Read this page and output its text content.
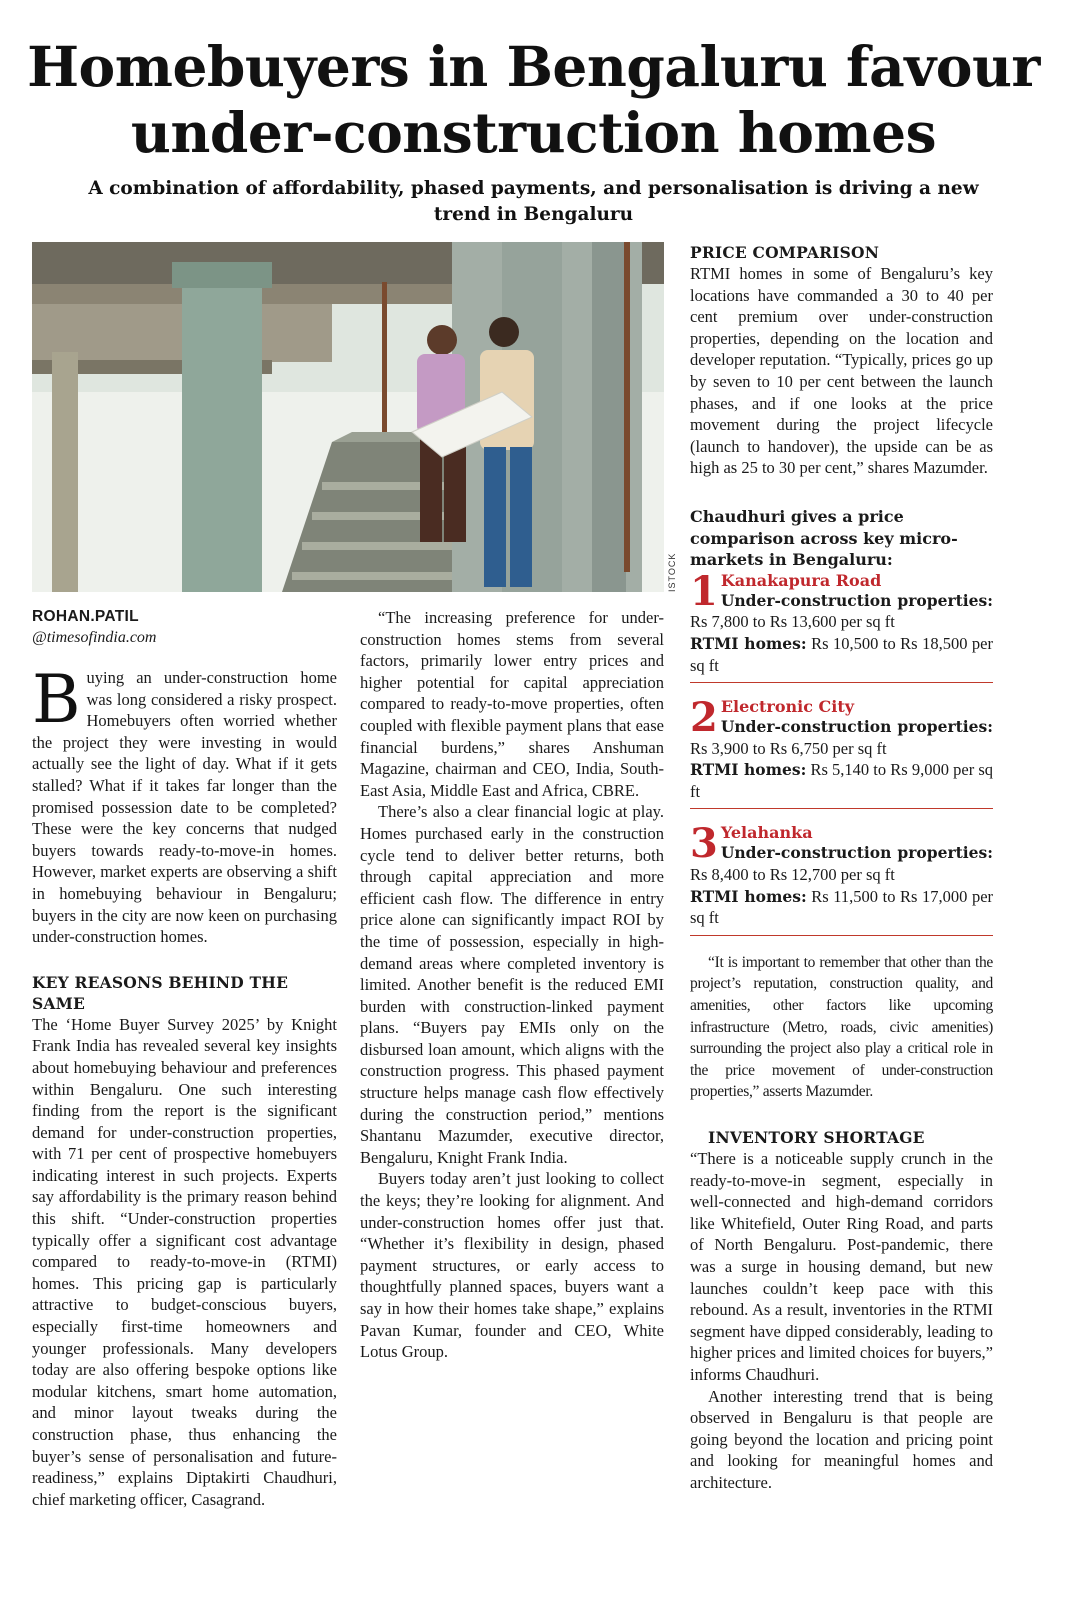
Homebuyers in Bengaluru favour under-construction homes

A combination of affordability, phased payments, and personalisation is driving a new trend in Bengaluru

ISTOCK

ROHAN.PATIL

@timesofindia.com

Buying an under-construction home was long considered a risky prospect. Homebuyers often worried whether the project they were investing in would actually see the light of day. What if it gets stalled? What if it takes far longer than the promised possession date to be completed? These were the key concerns that nudged buyers towards ready-to-move-in homes. However, market experts are observing a shift in homebuying behaviour in Bengaluru; buyers in the city are now keen on purchasing under-construction homes.

KEY REASONS BEHIND THE SAME

The ‘Home Buyer Survey 2025’ by Knight Frank India has revealed several key insights about homebuying behaviour and preferences within Bengaluru. One such interesting finding from the report is the significant demand for under-construction properties, with 71 per cent of prospective homebuyers indicating interest in such projects. Experts say affordability is the primary reason behind this shift. “Under-construction properties typically offer a significant cost advantage compared to ready-to-move-in (RTMI) homes. This pricing gap is particularly attractive to budget-conscious buyers, especially first-time homeowners and younger professionals. Many developers today are also offering bespoke options like modular kitchens, smart home automation, and minor layout tweaks during the construction phase, thus enhancing the buyer’s sense of personalisation and future-readiness,” explains Diptakirti Chaudhuri, chief marketing officer, Casagrand.

“The increasing preference for under-construction homes stems from several factors, primarily lower entry prices and higher potential for capital appreciation compared to ready-to-move properties, often coupled with flexible payment plans that ease financial burdens,” shares Anshuman Magazine, chairman and CEO, India, South-East Asia, Middle East and Africa, CBRE.

There’s also a clear financial logic at play. Homes purchased early in the construction cycle tend to deliver better returns, both through capital appreciation and more efficient cash flow. The difference in entry price alone can significantly impact ROI by the time of possession, especially in high-demand areas where completed inventory is limited. Another benefit is the reduced EMI burden with construction-linked payment plans. “Buyers pay EMIs only on the disbursed loan amount, which aligns with the construction progress. This phased payment structure helps manage cash flow effectively during the construction period,” mentions Shantanu Mazumder, executive director, Bengaluru, Knight Frank India.

Buyers today aren’t just looking to collect the keys; they’re looking for alignment. And under-construction homes offer just that. “Whether it’s flexibility in design, phased payment structures, or early access to thoughtfully planned spaces, buyers want a say in how their homes take shape,” explains Pavan Kumar, founder and CEO, White Lotus Group.

PRICE COMPARISON

RTMI homes in some of Bengaluru’s key locations have commanded a 30 to 40 per cent premium over under-construction properties, depending on the location and developer reputation. “Typically, prices go up by seven to 10 per cent between the launch phases, and if one looks at the price movement during the project lifecycle (launch to handover), the upside can be as high as 25 to 30 per cent,” shares Mazumder.

Chaudhuri gives a price comparison across key micro-markets in Bengaluru:

1 Kanakapura Road
Under-construction properties: Rs 7,800 to Rs 13,600 per sq ft
RTMI homes: Rs 10,500 to Rs 18,500 per sq ft
2 Electronic City
Under-construction properties: Rs 3,900 to Rs 6,750 per sq ft
RTMI homes: Rs 5,140 to Rs 9,000 per sq ft
3 Yelahanka
Under-construction properties: Rs 8,400 to Rs 12,700 per sq ft
RTMI homes: Rs 11,500 to Rs 17,000 per sq ft

“It is important to remember that other than the project’s reputation, construction quality, and amenities, other factors like upcoming infrastructure (Metro, roads, civic amenities) surrounding the project also play a critical role in the price movement of under-construction properties,” asserts Mazumder.

INVENTORY SHORTAGE

“There is a noticeable supply crunch in the ready-to-move-in segment, especially in well-connected and high-demand corridors like Whitefield, Outer Ring Road, and parts of North Bengaluru. Post-pandemic, there was a surge in housing demand, but new launches couldn’t keep pace with this rebound. As a result, inventories in the RTMI segment have dipped considerably, leading to higher prices and limited choices for buyers,” informs Chaudhuri.

Another interesting trend that is being observed in Bengaluru is that people are going beyond the location and pricing point and looking for meaningful homes and architecture.
